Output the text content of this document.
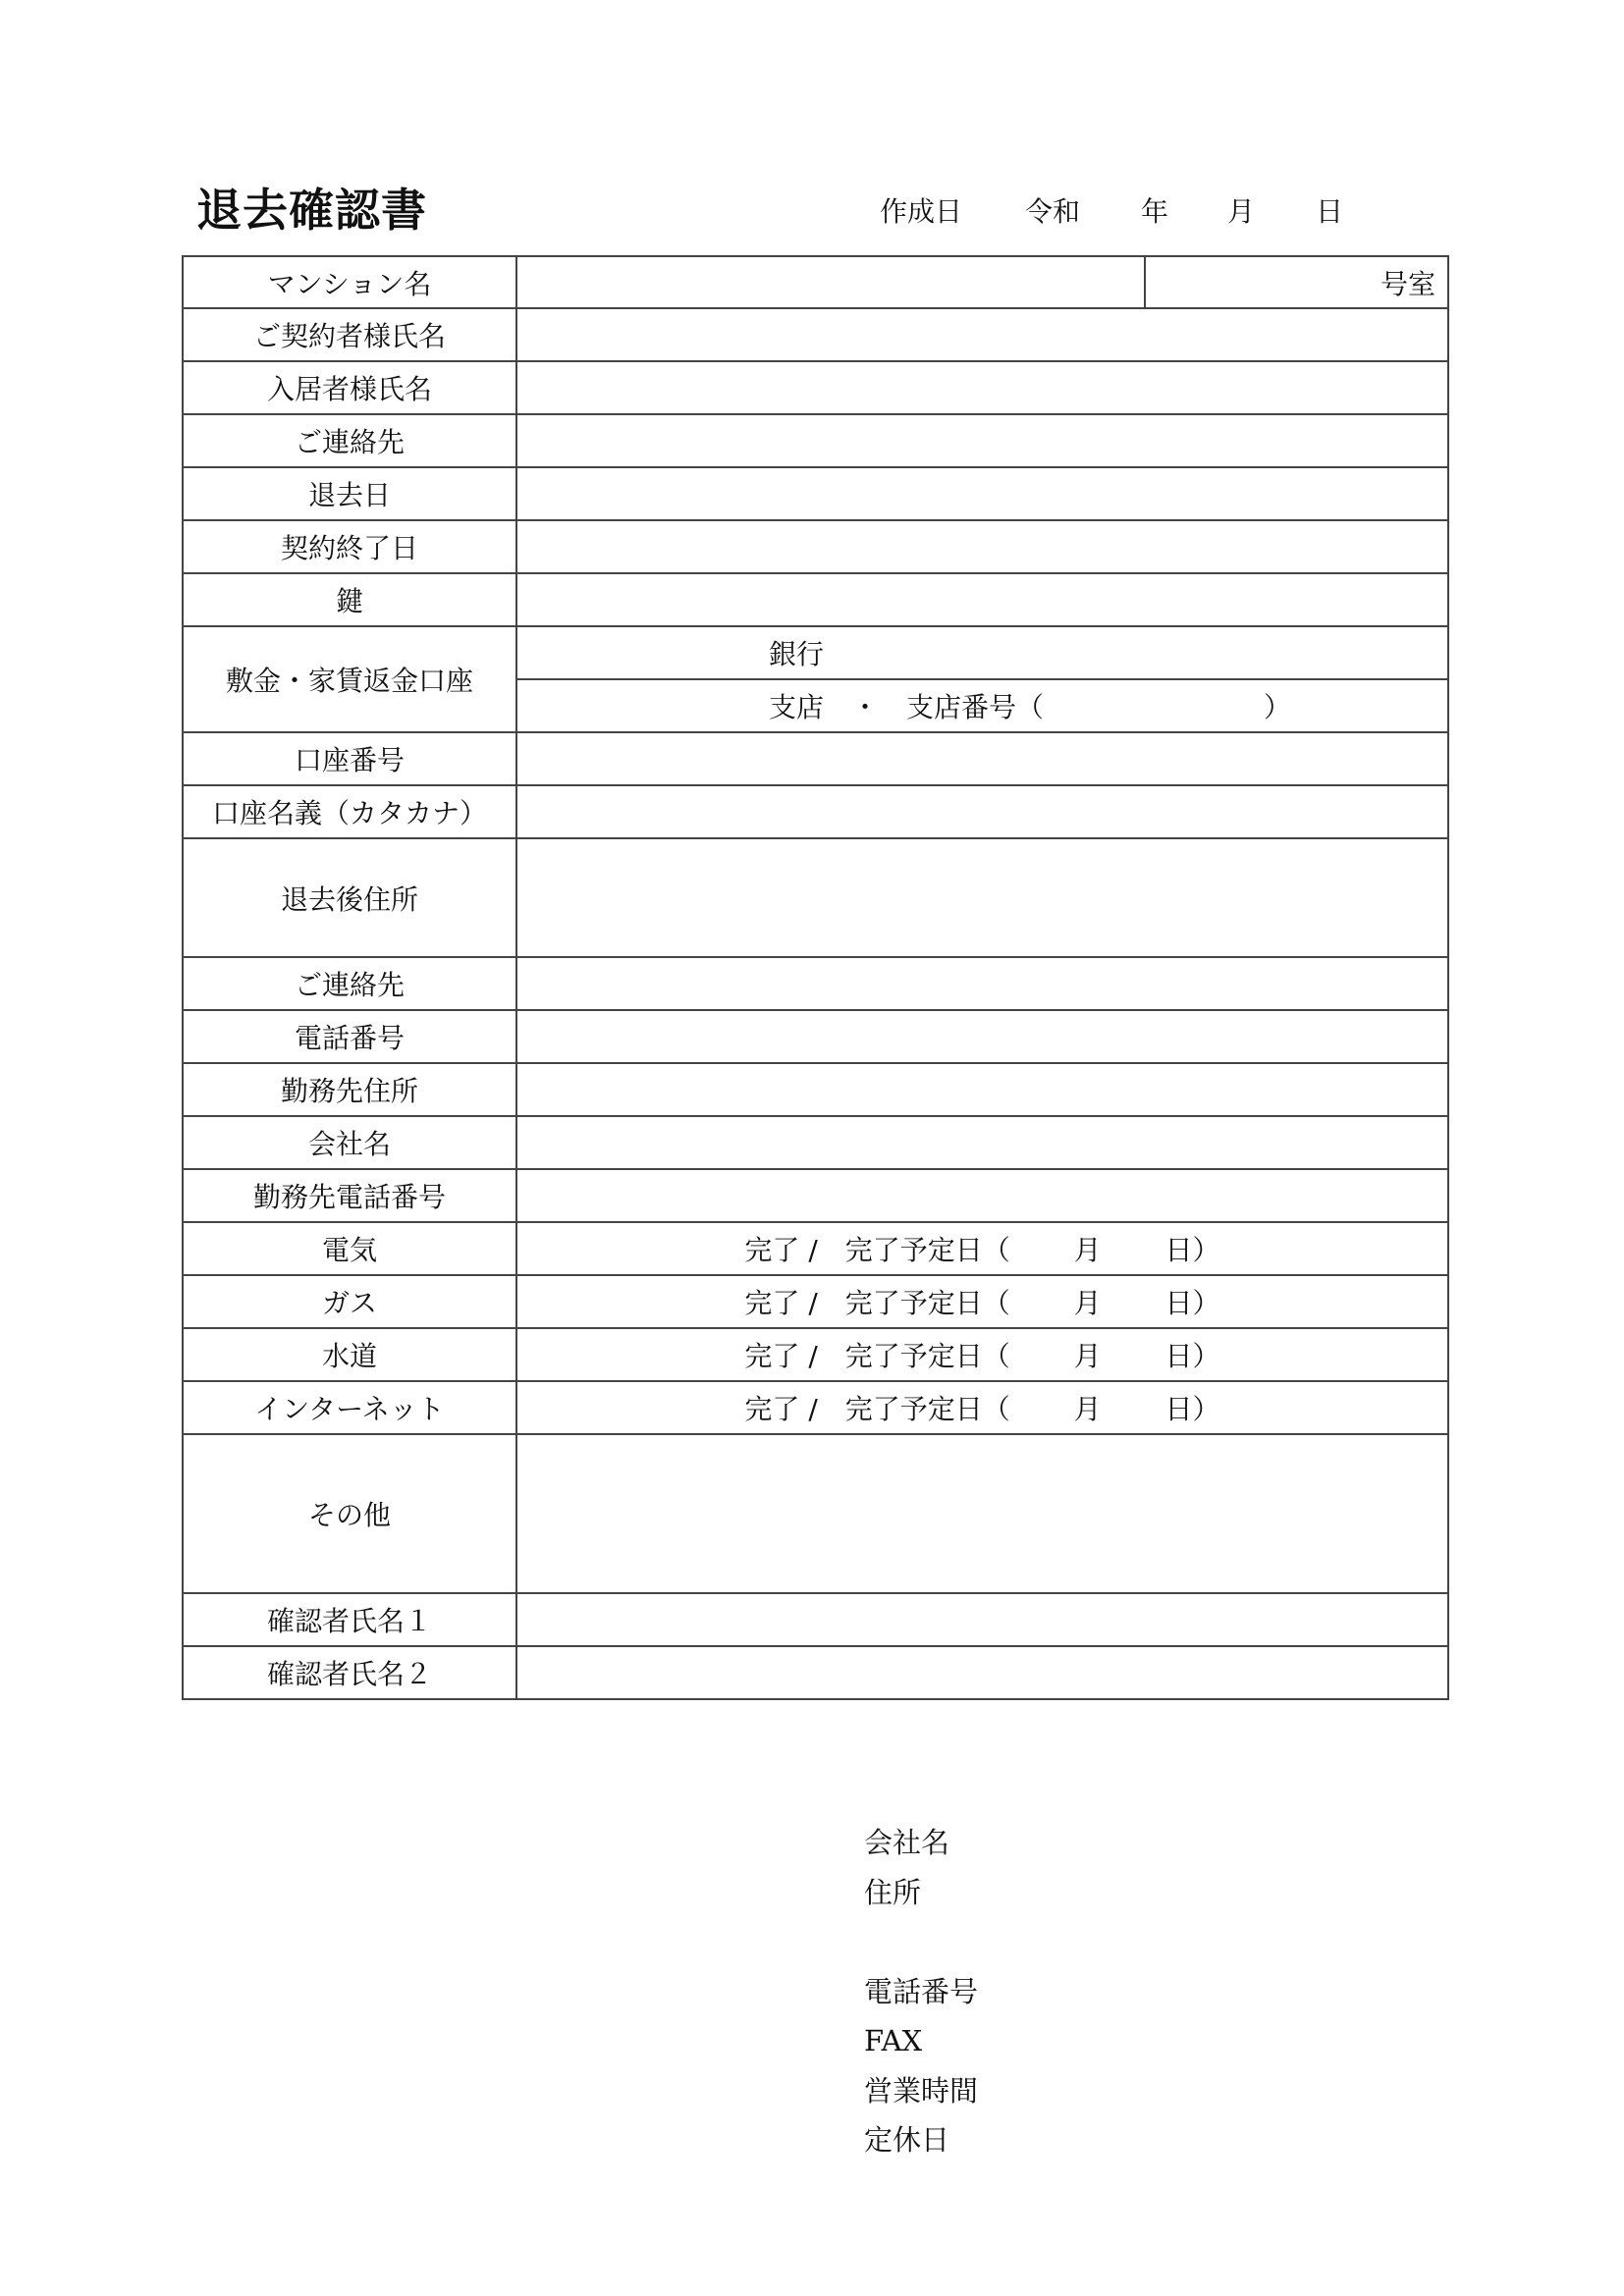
退去確認書	作成日 令和 年 月 日
マンション名		号室
ご契約者様氏名		
入居者様氏名		
ご連絡先		
退去日		
契約終了日		
鍵		
敷金・家賃返金口座	銀行	
	支店　・　支店番号（　　　　　　　　）	
口座番号		
口座名義（カタカナ）		
退去後住所		
ご連絡先		
電話番号		
勤務先住所		
会社名		
勤務先電話番号		
電気	完了 /　完了予定日（　　 月　　 日）	
ガス	完了 /　完了予定日（　　 月　　 日）	
水道	完了 /　完了予定日（　　 月　　 日）	
インターネット	完了 /　完了予定日（　　 月　　 日）	
その他		
確認者氏名１		
確認者氏名２		
会社名
住所
電話番号
FAX
営業時間
定休日
